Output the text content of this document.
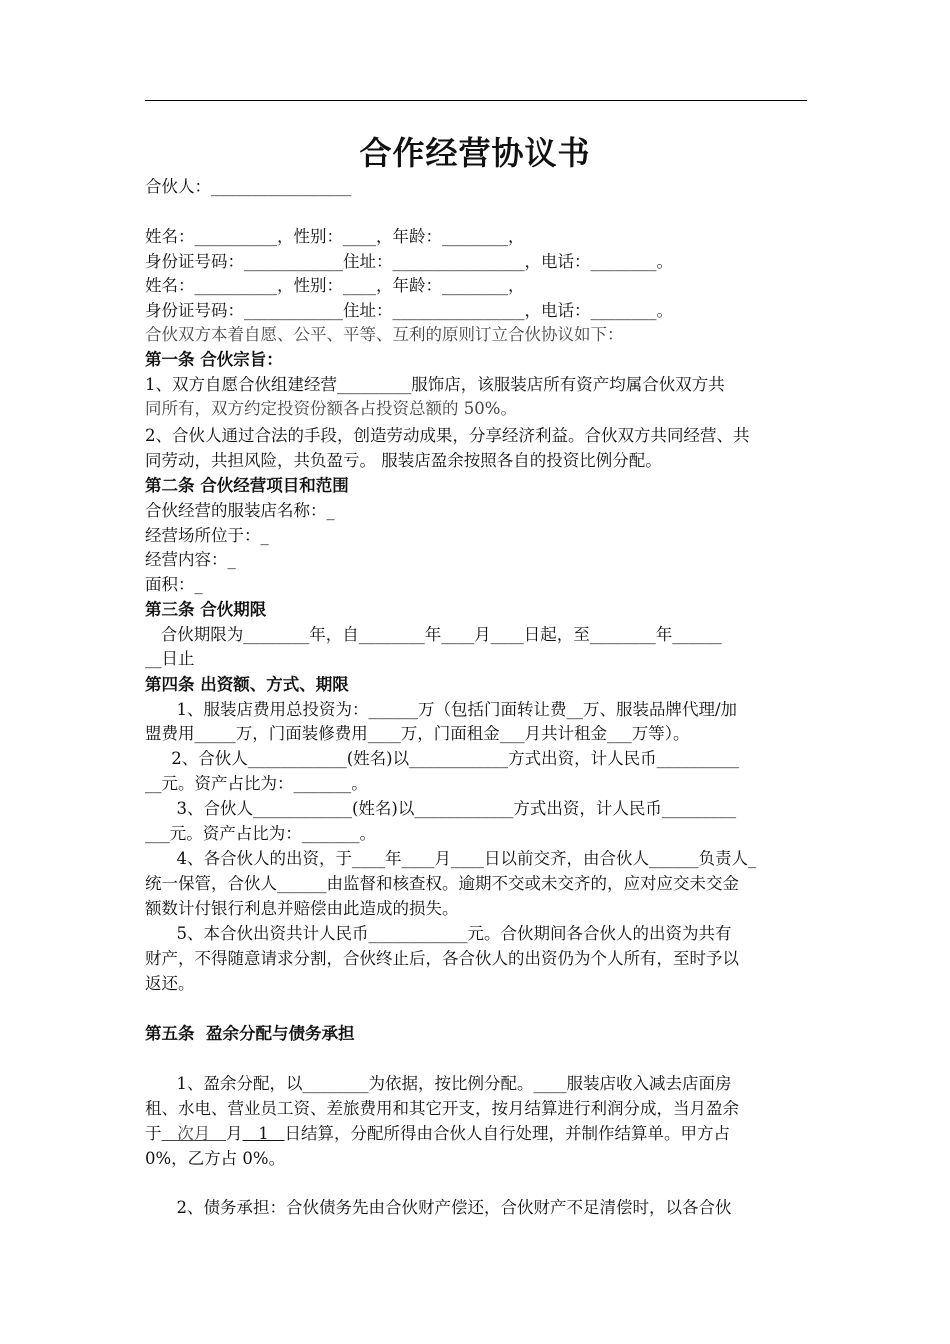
合作经营协议书
合伙人：_________________
姓名：__________，性别：____，年龄：________，
身份证号码：____________住址：________________，电话：________。
姓名：__________，性别：____，年龄：________，
身份证号码：____________住址：________________，电话：________。
合伙双方本着自愿、公平、平等、互利的原则订立合伙协议如下：
第一条 合伙宗旨：
1、双方自愿合伙组建经营_________服饰店，该服装店所有资产均属合伙双方共
同所有，双方约定投资份额各占投资总额的 50%。
2、合伙人通过合法的手段，创造劳动成果，分享经济利益。合伙双方共同经营、共
同劳动，共担风险，共负盈亏。 服装店盈余按照各自的投资比例分配。
第二条 合伙经营项目和范围
合伙经营的服装店名称：_
经营场所位于：_
经营内容：_
面积：_
第三条 合伙期限
合伙期限为________年，自________年____月____日起，至________年______
__日止
第四条 出资额、方式、期限
1、服装店费用总投资为：______万（包括门面转让费__万、服装品牌代理/加
盟费用_____万，门面装修费用____万，门面租金___月共计租金___万等）。
2、合伙人____________(姓名)以____________方式出资，计人民币__________
__元。资产占比为：_______。
3、合伙人____________(姓名)以____________方式出资，计人民币_________
___元。资产占比为：_______。
4、各合伙人的出资，于____年____月____日以前交齐，由合伙人______负责人_
统一保管，合伙人______由监督和核查权。逾期不交或未交齐的，应对应交未交金
额数计付银行利息并赔偿由此造成的损失。
5、本合伙出资共计人民币____________元。合伙期间各合伙人的出资为共有
财产，不得随意请求分割，合伙终止后，各合伙人的出资仍为个人所有，至时予以
返还。
第五条  盈余分配与债务承担
1、盈余分配，以________为依据，按比例分配。____服装店收入减去店面房
租、水电、营业员工资、差旅费用和其它开支，按月结算进行利润分成，当月盈余
于   次月   月   1   日结算，分配所得由合伙人自行处理，并制作结算单。甲方占
0%，乙方占 0%。
2、债务承担：合伙债务先由合伙财产偿还，合伙财产不足清偿时，以各合伙
